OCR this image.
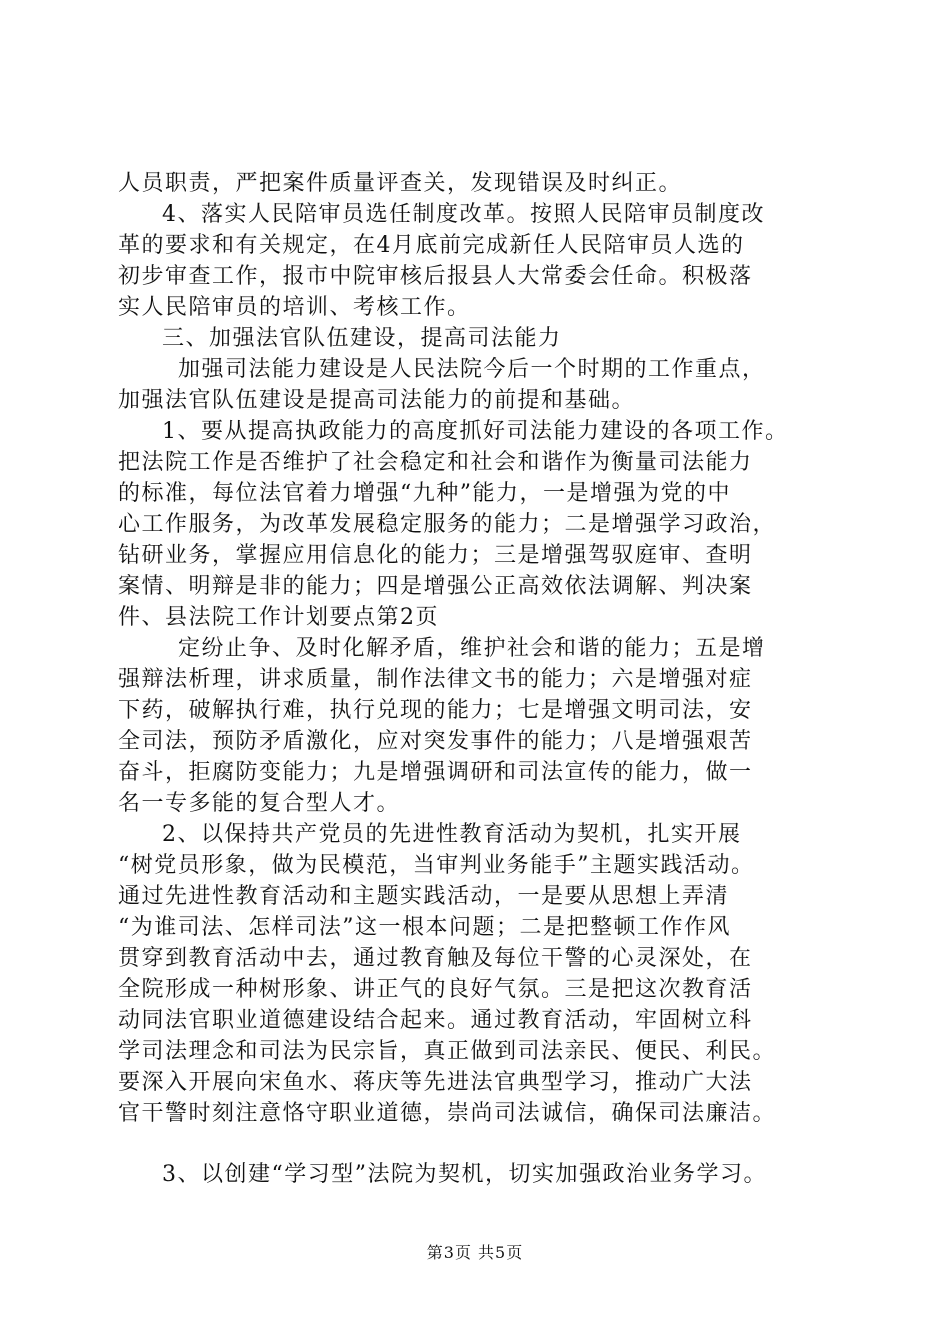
人员职责，严把案件质量评查关，发现错误及时纠正。
4、落实人民陪审员选任制度改革。按照人民陪审员制度改
革的要求和有关规定，在4月底前完成新任人民陪审员人选的
初步审查工作，报市中院审核后报县人大常委会任命。积极落
实人民陪审员的培训、考核工作。
三、加强法官队伍建设，提高司法能力
加强司法能力建设是人民法院今后一个时期的工作重点，
加强法官队伍建设是提高司法能力的前提和基础。
1、要从提高执政能力的高度抓好司法能力建设的各项工作。
把法院工作是否维护了社会稳定和社会和谐作为衡量司法能力
的标准，每位法官着力增强“九种”能力，一是增强为党的中
心工作服务，为改革发展稳定服务的能力；二是增强学习政治，
钻研业务，掌握应用信息化的能力；三是增强驾驭庭审、查明
案情、明辩是非的能力；四是增强公正高效依法调解、判决案
件、县法院工作计划要点第2页
定纷止争、及时化解矛盾，维护社会和谐的能力；五是增
强辩法析理，讲求质量，制作法律文书的能力；六是增强对症
下药，破解执行难，执行兑现的能力；七是增强文明司法，安
全司法，预防矛盾激化，应对突发事件的能力；八是增强艰苦
奋斗，拒腐防变能力；九是增强调研和司法宣传的能力，做一
名一专多能的复合型人才。
2、以保持共产党员的先进性教育活动为契机，扎实开展
“树党员形象，做为民模范，当审判业务能手”主题实践活动。
通过先进性教育活动和主题实践活动，一是要从思想上弄清
“为谁司法、怎样司法”这一根本问题；二是把整顿工作作风
贯穿到教育活动中去，通过教育触及每位干警的心灵深处，在
全院形成一种树形象、讲正气的良好气氛。三是把这次教育活
动同法官职业道德建设结合起来。通过教育活动，牢固树立科
学司法理念和司法为民宗旨，真正做到司法亲民、便民、利民。
要深入开展向宋鱼水、蒋庆等先进法官典型学习，推动广大法
官干警时刻注意恪守职业道德，崇尚司法诚信，确保司法廉洁。
3、以创建“学习型”法院为契机，切实加强政治业务学习。
第3页 共5页
